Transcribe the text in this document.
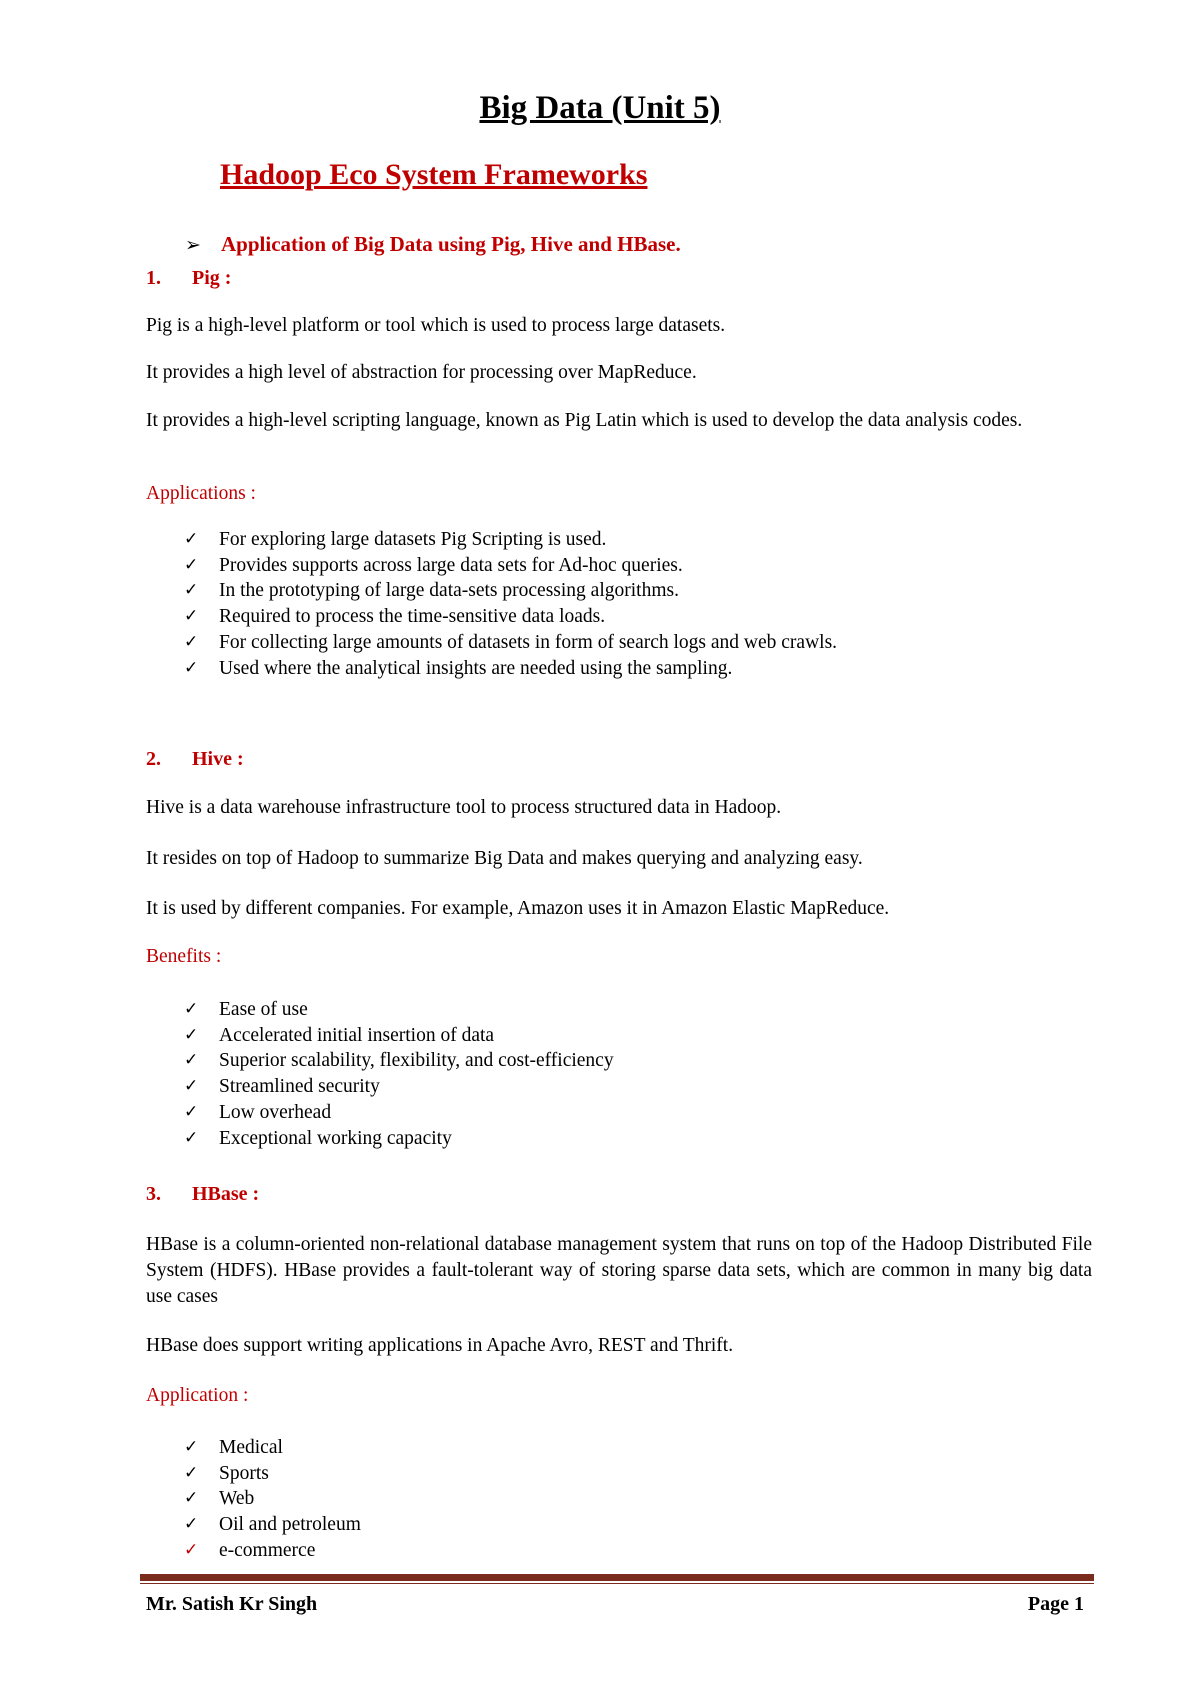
Big Data (Unit 5)
Hadoop Eco System Frameworks
➢ Application of Big Data using Pig, Hive and HBase.
1. Pig :

Pig is a high-level platform or tool which is used to process large datasets.

It provides a high level of abstraction for processing over MapReduce.

It provides a high-level scripting language, known as Pig Latin which is used to develop the data analysis codes.

Applications :
✓ For exploring large datasets Pig Scripting is used.
✓ Provides supports across large data sets for Ad-hoc queries.
✓ In the prototyping of large data-sets processing algorithms.
✓ Required to process the time-sensitive data loads.
✓ For collecting large amounts of datasets in form of search logs and web crawls.
✓ Used where the analytical insights are needed using the sampling.
2. Hive :

Hive is a data warehouse infrastructure tool to process structured data in Hadoop.

It resides on top of Hadoop to summarize Big Data and makes querying and analyzing easy.

It is used by different companies. For example, Amazon uses it in Amazon Elastic MapReduce.

Benefits :
✓ Ease of use
✓ Accelerated initial insertion of data
✓ Superior scalability, flexibility, and cost-efficiency
✓ Streamlined security
✓ Low overhead
✓ Exceptional working capacity
3. HBase :

HBase is a column-oriented non-relational database management system that runs on top of the Hadoop Distributed File System (HDFS). HBase provides a fault-tolerant way of storing sparse data sets, which are common in many big data use cases

HBase does support writing applications in Apache Avro, REST and Thrift.

Application :
✓ Medical
✓ Sports
✓ Web
✓ Oil and petroleum
✓ e-commerce
Mr. Satish Kr Singh	Page 1
